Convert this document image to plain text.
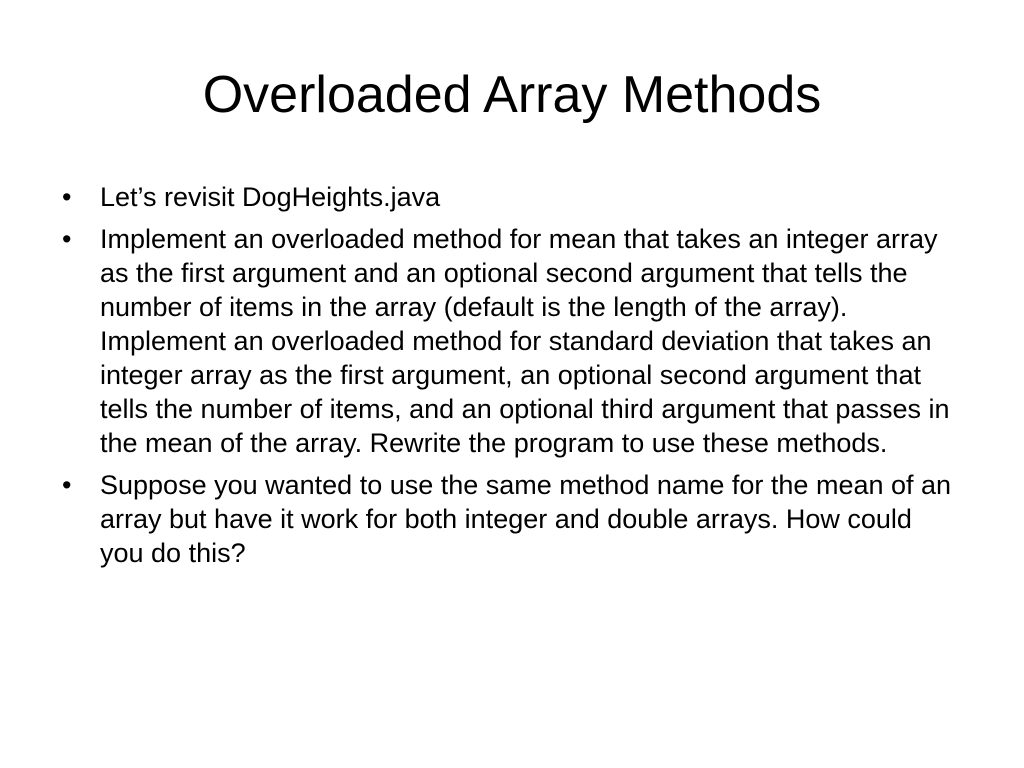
Overloaded Array Methods
•	Let’s revisit DogHeights.java
•	Implement an overloaded method for mean that takes an integer array as the first argument and an optional second argument that tells the number of items in the array (default is the length of the array). Implement an overloaded method for standard deviation that takes an integer array as the first argument, an optional second argument that tells the number of items, and an optional third argument that passes in the mean of the array. Rewrite the program to use these methods.
•	Suppose you wanted to use the same method name for the mean of an array but have it work for both integer and double arrays. How could you do this?
